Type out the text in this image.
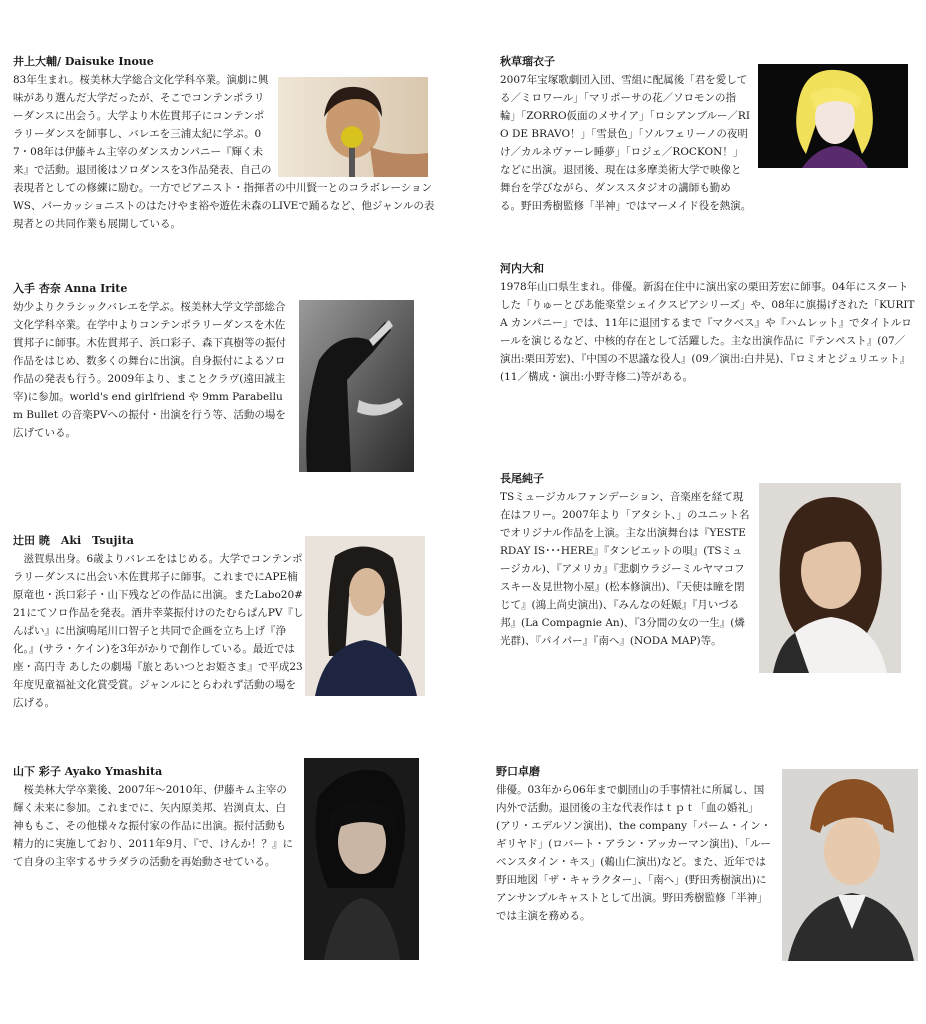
井上大輔/ Daisuke Inoue

83年生まれ。桜美林大学総合文化学科卒業。演劇に興味があり選んだ大学だったが、そこでコンテンポラリーダンスに出会う。大学より木佐貫邦子にコンテンポラリーダンスを師事し、バレエを三浦太紀に学ぶ。07・08年は伊藤キム主宰のダンスカンパニー『輝く未来』で活動。退団後はソロダンスを3作品発表、自己の表現者としての修練に励む。一方でピアニスト・指揮者の中川賢一とのコラボレーションWS、パーカッショニストのはたけやま裕や遊佐未森のLIVEで踊るなど、他ジャンルの表現者との共同作業も展開している。

入手 杏奈 Anna Irite

幼少よりクラシックバレエを学ぶ。桜美林大学文学部総合文化学科卒業。在学中よりコンテンポラリーダンスを木佐貫邦子に師事。木佐貫邦子、浜口彩子、森下真樹等の振付作品をはじめ、数多くの舞台に出演。自身振付によるソロ作品の発表も行う。2009年より、まことクラヴ(遠田誠主宰)に参加。world's end girlfriend や 9mm Parabellum Bullet の音楽PVへの振付・出演を行う等、活動の場を広げている。

辻田 暁　Aki　Tsujita

滋賀県出身。6歳よりバレエをはじめる。大学でコンテンポラリーダンスに出会い木佐貫邦子に師事。これまでにAPE楠原竜也・浜口彩子・山下残などの作品に出演。またLabo20#21にてソロ作品を発表。酒井幸菜振付けのたむらぱんPV『しんぱい』に出演鳴尾川口智子と共同で企画を立ち上げ『浄化。』(サラ・ケイン)を3年がかりで創作している。最近では座・高円寺 あしたの劇場『旅とあいつとお姫さま』で平成23年度児童福祉文化賞受賞。ジャンルにとらわれず活動の場を広げる。

山下 彩子 Ayako Ymashita

桜美林大学卒業後、2007年～2010年、伊藤キム主宰の輝く未来に参加。これまでに、矢内原美邦、岩渕貞太、白神ももこ、その他様々な振付家の作品に出演。振付活動も精力的に実施しており、2011年9月、『で、けんか！？』にて自身の主宰するサラダラの活動を再始動させている。

秋草瑠衣子

2007年宝塚歌劇団入団、雪組に配属後「君を愛してる／ミロワール」「マリポーサの花／ソロモンの指輪」「ZORRO仮面のメサイア」「ロシアンブルー／RIO DE BRAVO！」「雪景色」「ソルフェリーノの夜明け／カルネヴァーレ睡夢」「ロジェ／ROCKON！」などに出演。退団後、現在は多摩美術大学で映像と舞台を学びながら、ダンススタジオの講師も勤める。野田秀樹監修「半神」ではマーメイド役を熱演。

河内大和

1978年山口県生まれ。俳優。新潟在住中に演出家の栗田芳宏に師事。04年にスタートした「りゅーとぴあ能楽堂シェイクスピアシリーズ」や、08年に旗揚げされた「KURITA カンパニー」では、11年に退団するまで『マクベス』や『ハムレット』でタイトルロールを演じるなど、中核的存在として活躍した。主な出演作品に『テンペスト』(07／演出:栗田芳宏)、『中国の不思議な役人』(09／演出:白井晃)、『ロミオとジュリエット』(11／構成・演出:小野寺修二)等がある。

長尾純子

TSミュージカルファンデーション、音楽座を経て現在はフリー。2007年より「アタシト、」のユニット名でオリジナル作品を上演。主な出演舞台は『YESTERDAY IS･･･HERE』『タンビエットの唄』(TSミュージカル)、『アメリカ』『悲劇ウラジーミルヤマコフスキー＆見世物小屋』(松本修演出)、『天使は瞳を閉じて』(鴻上尚史演出)、『みんなの妊娠』『月いづる邦』(La Compagnie An)、『3分間の女の一生』(燐光群)、『パイパー』『南へ』(NODA MAP)等。

野口卓磨

俳優。03年から06年まで劇団山の手事情社に所属し、国内外で活動。退団後の主な代表作はｔｐｔ「血の婚礼」(アリ・エデルソン演出)、the company「パーム・イン・ギリヤド」(ロバート・アラン・アッカーマン演出)、「ルーベンスタイン・キス」(鵜山仁演出)など。また、近年では野田地図「ザ・キャラクター」、「南へ」(野田秀樹演出)にアンサンブルキャストとして出演。野田秀樹監修「半神」では主演を務める。
